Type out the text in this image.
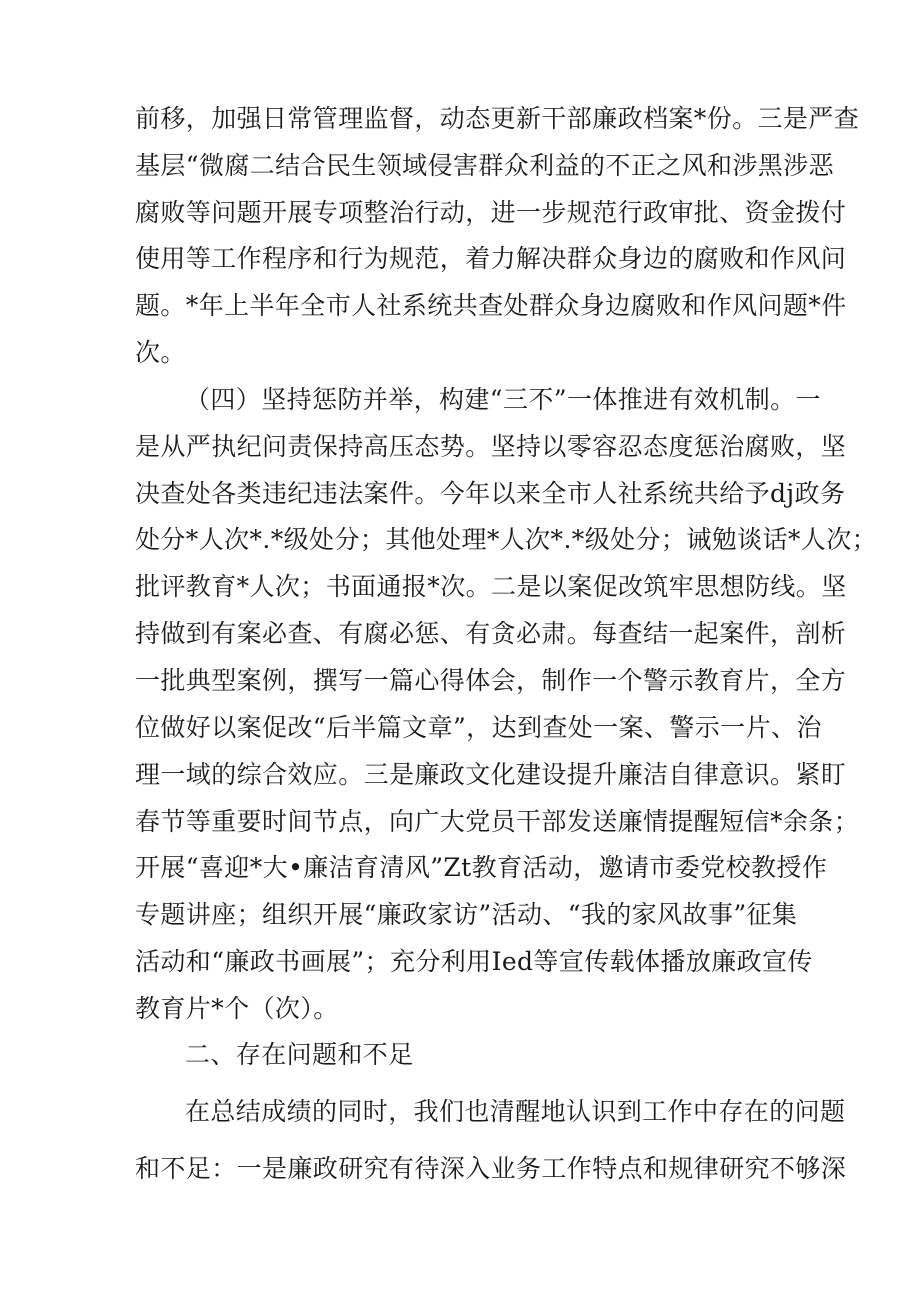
前移，加强日常管理监督，动态更新干部廉政档案*份。三是严查
基层“微腐二结合民生领域侵害群众利益的不正之风和涉黑涉恶
腐败等问题开展专项整治行动，进一步规范行政审批、资金拨付
使用等工作程序和行为规范，着力解决群众身边的腐败和作风问
题。*年上半年全市人社系统共查处群众身边腐败和作风问题*件
次。
（四）坚持惩防并举，构建“三不”一体推进有效机制。一
是从严执纪问责保持高压态势。坚持以零容忍态度惩治腐败，坚
决查处各类违纪违法案件。今年以来全市人社系统共给予dj政务
处分*人次*.*级处分；其他处理*人次*.*级处分；诫勉谈话*人次；
批评教育*人次；书面通报*次。二是以案促改筑牢思想防线。坚
持做到有案必查、有腐必惩、有贪必肃。每查结一起案件，剖析
一批典型案例，撰写一篇心得体会，制作一个警示教育片，全方
位做好以案促改“后半篇文章”，达到查处一案、警示一片、治
理一域的综合效应。三是廉政文化建设提升廉洁自律意识。紧盯
春节等重要时间节点，向广大党员干部发送廉情提醒短信*余条；
开展“喜迎*大•廉洁育清风”Zt教育活动，邀请市委党校教授作
专题讲座；组织开展“廉政家访”活动、“我的家风故事”征集
活动和“廉政书画展”；充分利用Ied等宣传载体播放廉政宣传
教育片*个（次）。
二、存在问题和不足
在总结成绩的同时，我们也清醒地认识到工作中存在的问题
和不足：一是廉政研究有待深入业务工作特点和规律研究不够深
